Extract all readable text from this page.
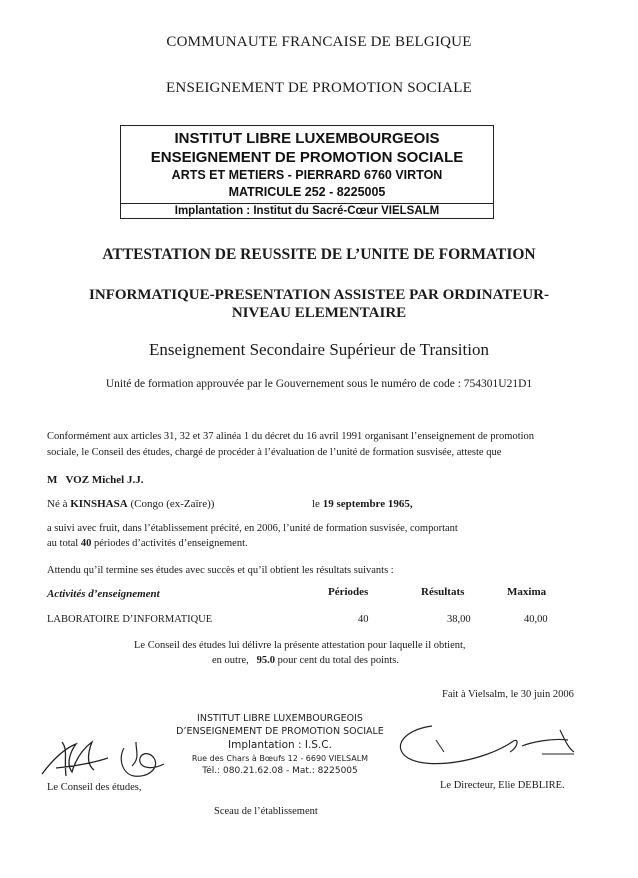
COMMUNAUTE FRANCAISE DE BELGIQUE
ENSEIGNEMENT DE PROMOTION SOCIALE
INSTITUT LIBRE LUXEMBOURGEOIS
ENSEIGNEMENT DE PROMOTION SOCIALE
ARTS ET METIERS - PIERRARD 6760 VIRTON
MATRICULE 252 - 8225005
Implantation : Institut du Sacré-Cœur VIELSALM
ATTESTATION DE REUSSITE DE L’UNITE DE FORMATION
INFORMATIQUE-PRESENTATION ASSISTEE PAR ORDINATEUR-
NIVEAU ELEMENTAIRE
Enseignement Secondaire Supérieur de Transition
Unité de formation approuvée par le Gouvernement sous le numéro de code : 754301U21D1
Conformément aux articles 31, 32 et 37 alinéa 1 du décret du 16 avril 1991 organisant l’enseignement de promotion
sociale, le Conseil des études, chargé de procéder à l’évaluation de l’unité de formation susvisée, atteste que
M VOZ Michel J.J.
Né à KINSHASA (Congo (ex-Zaïre))	le 19 septembre 1965,
a suivi avec fruit, dans l’établissement précité, en 2006, l’unité de formation susvisée, comportant
au total 40 périodes d’activités d’enseignement.
Attendu qu’il termine ses études avec succès et qu’il obtient les résultats suivants :
Activités d’enseignement	Périodes	Résultats	Maxima
LABORATOIRE D’INFORMATIQUE	40	38,00	40,00
Le Conseil des études lui délivre la présente attestation pour laquelle il obtient,
en outre, 95.0 pour cent du total des points.
Fait à Vielsalm, le 30 juin 2006
INSTITUT LIBRE LUXEMBOURGEOIS
D’ENSEIGNEMENT DE PROMOTION SOCIALE
Implantation : I.S.C.
Rue des Chars à Bœufs 12 - 6690 VIELSALM
Tél.: 080.21.62.08 - Mat.: 8225005
Le Conseil des études,	Le Directeur, Elie DEBLIRE.
Sceau de l’établissement
